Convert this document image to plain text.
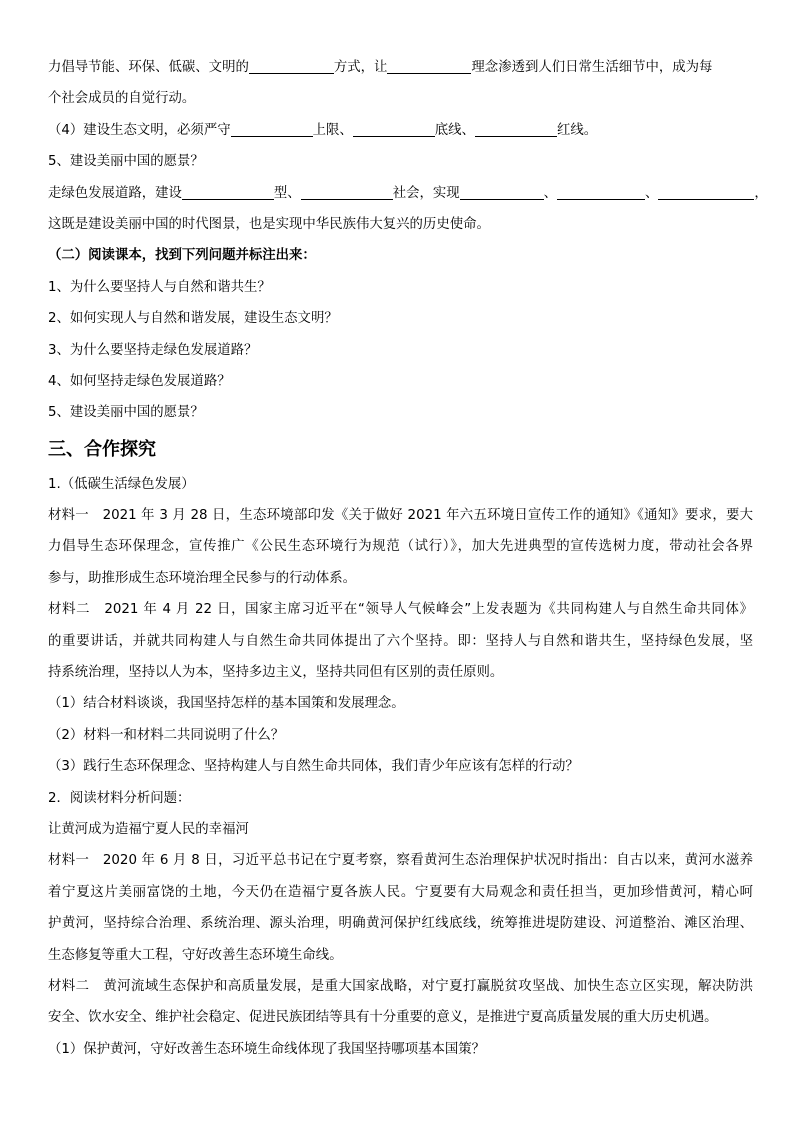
力倡导节能、环保、低碳、文明的	方式，让	理念渗透到人们日常生活细节中，成为每
个社会成员的自觉行动。
（4）建设生态文明，必须严守	上限、	底线、	红线。
5、建设美丽中国的愿景？
走绿色发展道路，建设	型、	社会，实现	、	、	，
这既是建设美丽中国的时代图景，也是实现中华民族伟大复兴的历史使命。
（二）阅读课本，找到下列问题并标注出来：
1、为什么要坚持人与自然和谐共生？
2、如何实现人与自然和谐发展，建设生态文明？
3、为什么要坚持走绿色发展道路？
4、如何坚持走绿色发展道路？
5、建设美丽中国的愿景？
三、合作探究
1.（低碳生活绿色发展）
材料一　2021 年 3 月 28 日，生态环境部印发《关于做好 2021 年六五环境日宣传工作的通知》《通知》要求，要大
力倡导生态环保理念，宣传推广《公民生态环境行为规范（试行）》，加大先进典型的宣传选树力度，带动社会各界
参与，助推形成生态环境治理全民参与的行动体系。
材料二　2021 年 4 月 22 日，国家主席习近平在“领导人气候峰会”上发表题为《共同构建人与自然生命共同体》
的重要讲话，并就共同构建人与自然生命共同体提出了六个坚持。即：坚持人与自然和谐共生，坚持绿色发展，坚
持系统治理，坚持以人为本，坚持多边主义，坚持共同但有区别的责任原则。
（1）结合材料谈谈，我国坚持怎样的基本国策和发展理念。
（2）材料一和材料二共同说明了什么？
（3）践行生态环保理念、坚持构建人与自然生命共同体，我们青少年应该有怎样的行动？
2．阅读材料分析问题：
让黄河成为造福宁夏人民的幸福河
材料一　2020 年 6 月 8 日，习近平总书记在宁夏考察，察看黄河生态治理保护状况时指出：自古以来，黄河水滋养
着宁夏这片美丽富饶的土地，今天仍在造福宁夏各族人民。宁夏要有大局观念和责任担当，更加珍惜黄河，精心呵
护黄河，坚持综合治理、系统治理、源头治理，明确黄河保护红线底线，统筹推进堤防建设、河道整治、滩区治理、
生态修复等重大工程，守好改善生态环境生命线。
材料二　黄河流域生态保护和高质量发展，是重大国家战略，对宁夏打赢脱贫攻坚战、加快生态立区实现，解决防洪
安全、饮水安全、维护社会稳定、促进民族团结等具有十分重要的意义，是推进宁夏高质量发展的重大历史机遇。
（1）保护黄河，守好改善生态环境生命线体现了我国坚持哪项基本国策？
